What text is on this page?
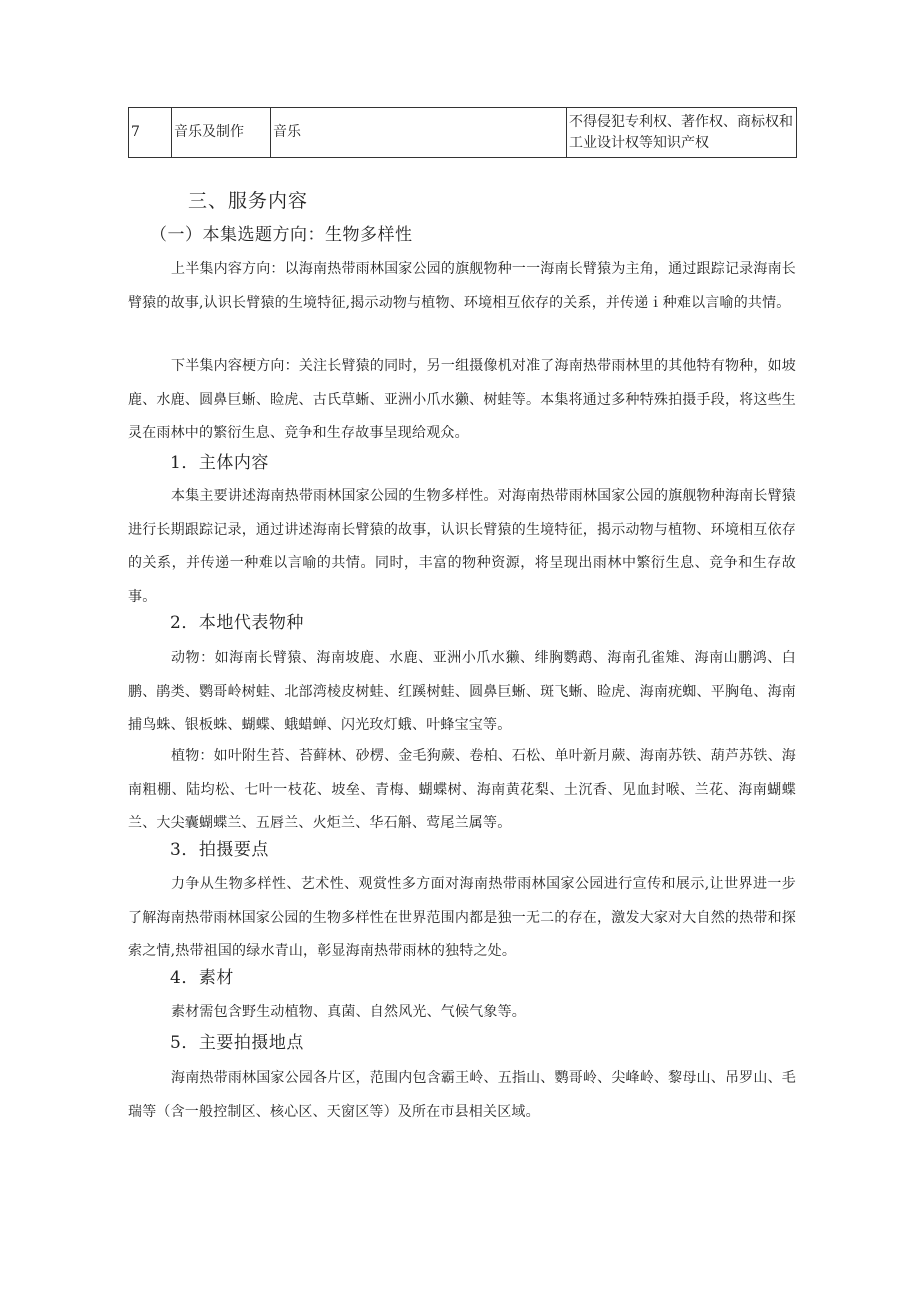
7	音乐及制作	音乐	不得侵犯专利权、著作权、商标权和工业设计权等知识产权
三、服务内容
（一）本集选题方向：生物多样性
上半集内容方向：以海南热带雨林国家公园的旗舰物种一一海南长臂猿为主角，通过跟踪记录海南长臂猿的故事,认识长臂猿的生境特征,揭示动物与植物、环境相互依存的关系，并传递ｉ种难以言喻的共情。
下半集内容梗方向：关注长臂猿的同时，另一组摄像机对准了海南热带雨林里的其他特有物种，如坡鹿、水鹿、圆鼻巨蜥、睑虎、古氏草蜥、亚洲小爪水獭、树蛙等。本集将通过多种特殊拍摄手段，将这些生灵在雨林中的繁衍生息、竞争和生存故事呈现给观众。
1．主体内容
本集主要讲述海南热带雨林国家公园的生物多样性。对海南热带雨林国家公园的旗舰物种海南长臂猿进行长期跟踪记录，通过讲述海南长臂猿的故事，认识长臂猿的生境特征，揭示动物与植物、环境相互依存的关系，并传递一种难以言喻的共情。同时，丰富的物种资源，将呈现出雨林中繁衍生息、竞争和生存故事。
2．本地代表物种
动物：如海南长臂猿、海南坡鹿、水鹿、亚洲小爪水獭、绯胸鹦鹉、海南孔雀雉、海南山鹏鸿、白鹏、鹃类、鹦哥岭树蛙、北部湾棱皮树蛙、红蹊树蛙、圆鼻巨蜥、斑飞蜥、睑虎、海南疣蜘、平胸龟、海南捕鸟蛛、银板蛛、蝴蝶、蛾蜡蝉、闪光玫灯蛾、叶蜂宝宝等。
植物：如叶附生苔、苔藓林、砂楞、金毛狗蕨、卷柏、石松、单叶新月蕨、海南苏铁、葫芦苏铁、海南粗棚、陆均松、七叶一枝花、坡垒、青梅、蝴蝶树、海南黄花梨、土沉香、见血封喉、兰花、海南蝴蝶兰、大尖囊蝴蝶兰、五唇兰、火炬兰、华石斛、莺尾兰属等。
3．拍摄要点
力争从生物多样性、艺术性、观赏性多方面对海南热带雨林国家公园进行宣传和展示,让世界进一步了解海南热带雨林国家公园的生物多样性在世界范围内都是独一无二的存在，激发大家对大自然的热带和探索之情,热带祖国的绿水青山，彰显海南热带雨林的独特之处。
4．素材
素材需包含野生动植物、真菌、自然风光、气候气象等。
5．主要拍摄地点
海南热带雨林国家公园各片区，范围内包含霸王岭、五指山、鹦哥岭、尖峰岭、黎母山、吊罗山、毛瑞等（含一般控制区、核心区、天窗区等）及所在市县相关区域。
